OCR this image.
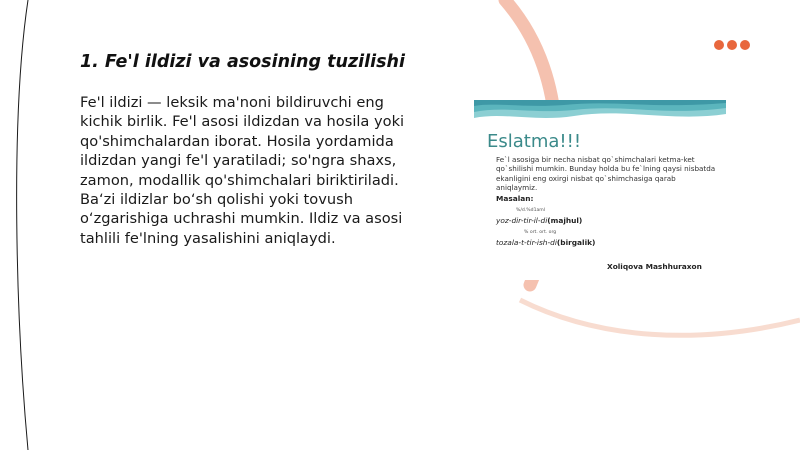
1. Fe'l ildizi va asosining tuzilishi

Fe'l ildizi — leksik ma'noni bildiruvchi eng kichik birlik. Fe'l asosi ildizdan va hosila yoki qo'shimchalardan iborat. Hosila yordamida ildizdan yangi fe'l yaratiladi; so'ngra shaxs, zamon, modallik qo'shimchalari biriktiriladi. Ba‘zi ildizlar bo‘sh qolishi yoki tovush o‘zgarishiga uchrashi mumkin. Ildiz va asosi tahlili fe'lning yasalishini aniqlaydi.

Eslatma!!!
Fe`l asosiga bir necha nisbat qo`shimchalari ketma-ket qo`shilishi mumkin. Bunday holda bu fe`lning qaysi nisbatda ekanligini eng oxirgi nisbat qo`shimchasiga qarab aniqlaymiz.
Masalan:
%/d.%d1aml
yoz-dir-tir-il-di(majhul)
% ort. ort. org
tozala-t-tir-ish-di(birgalik)
Xoliqova Mashhuraxon
